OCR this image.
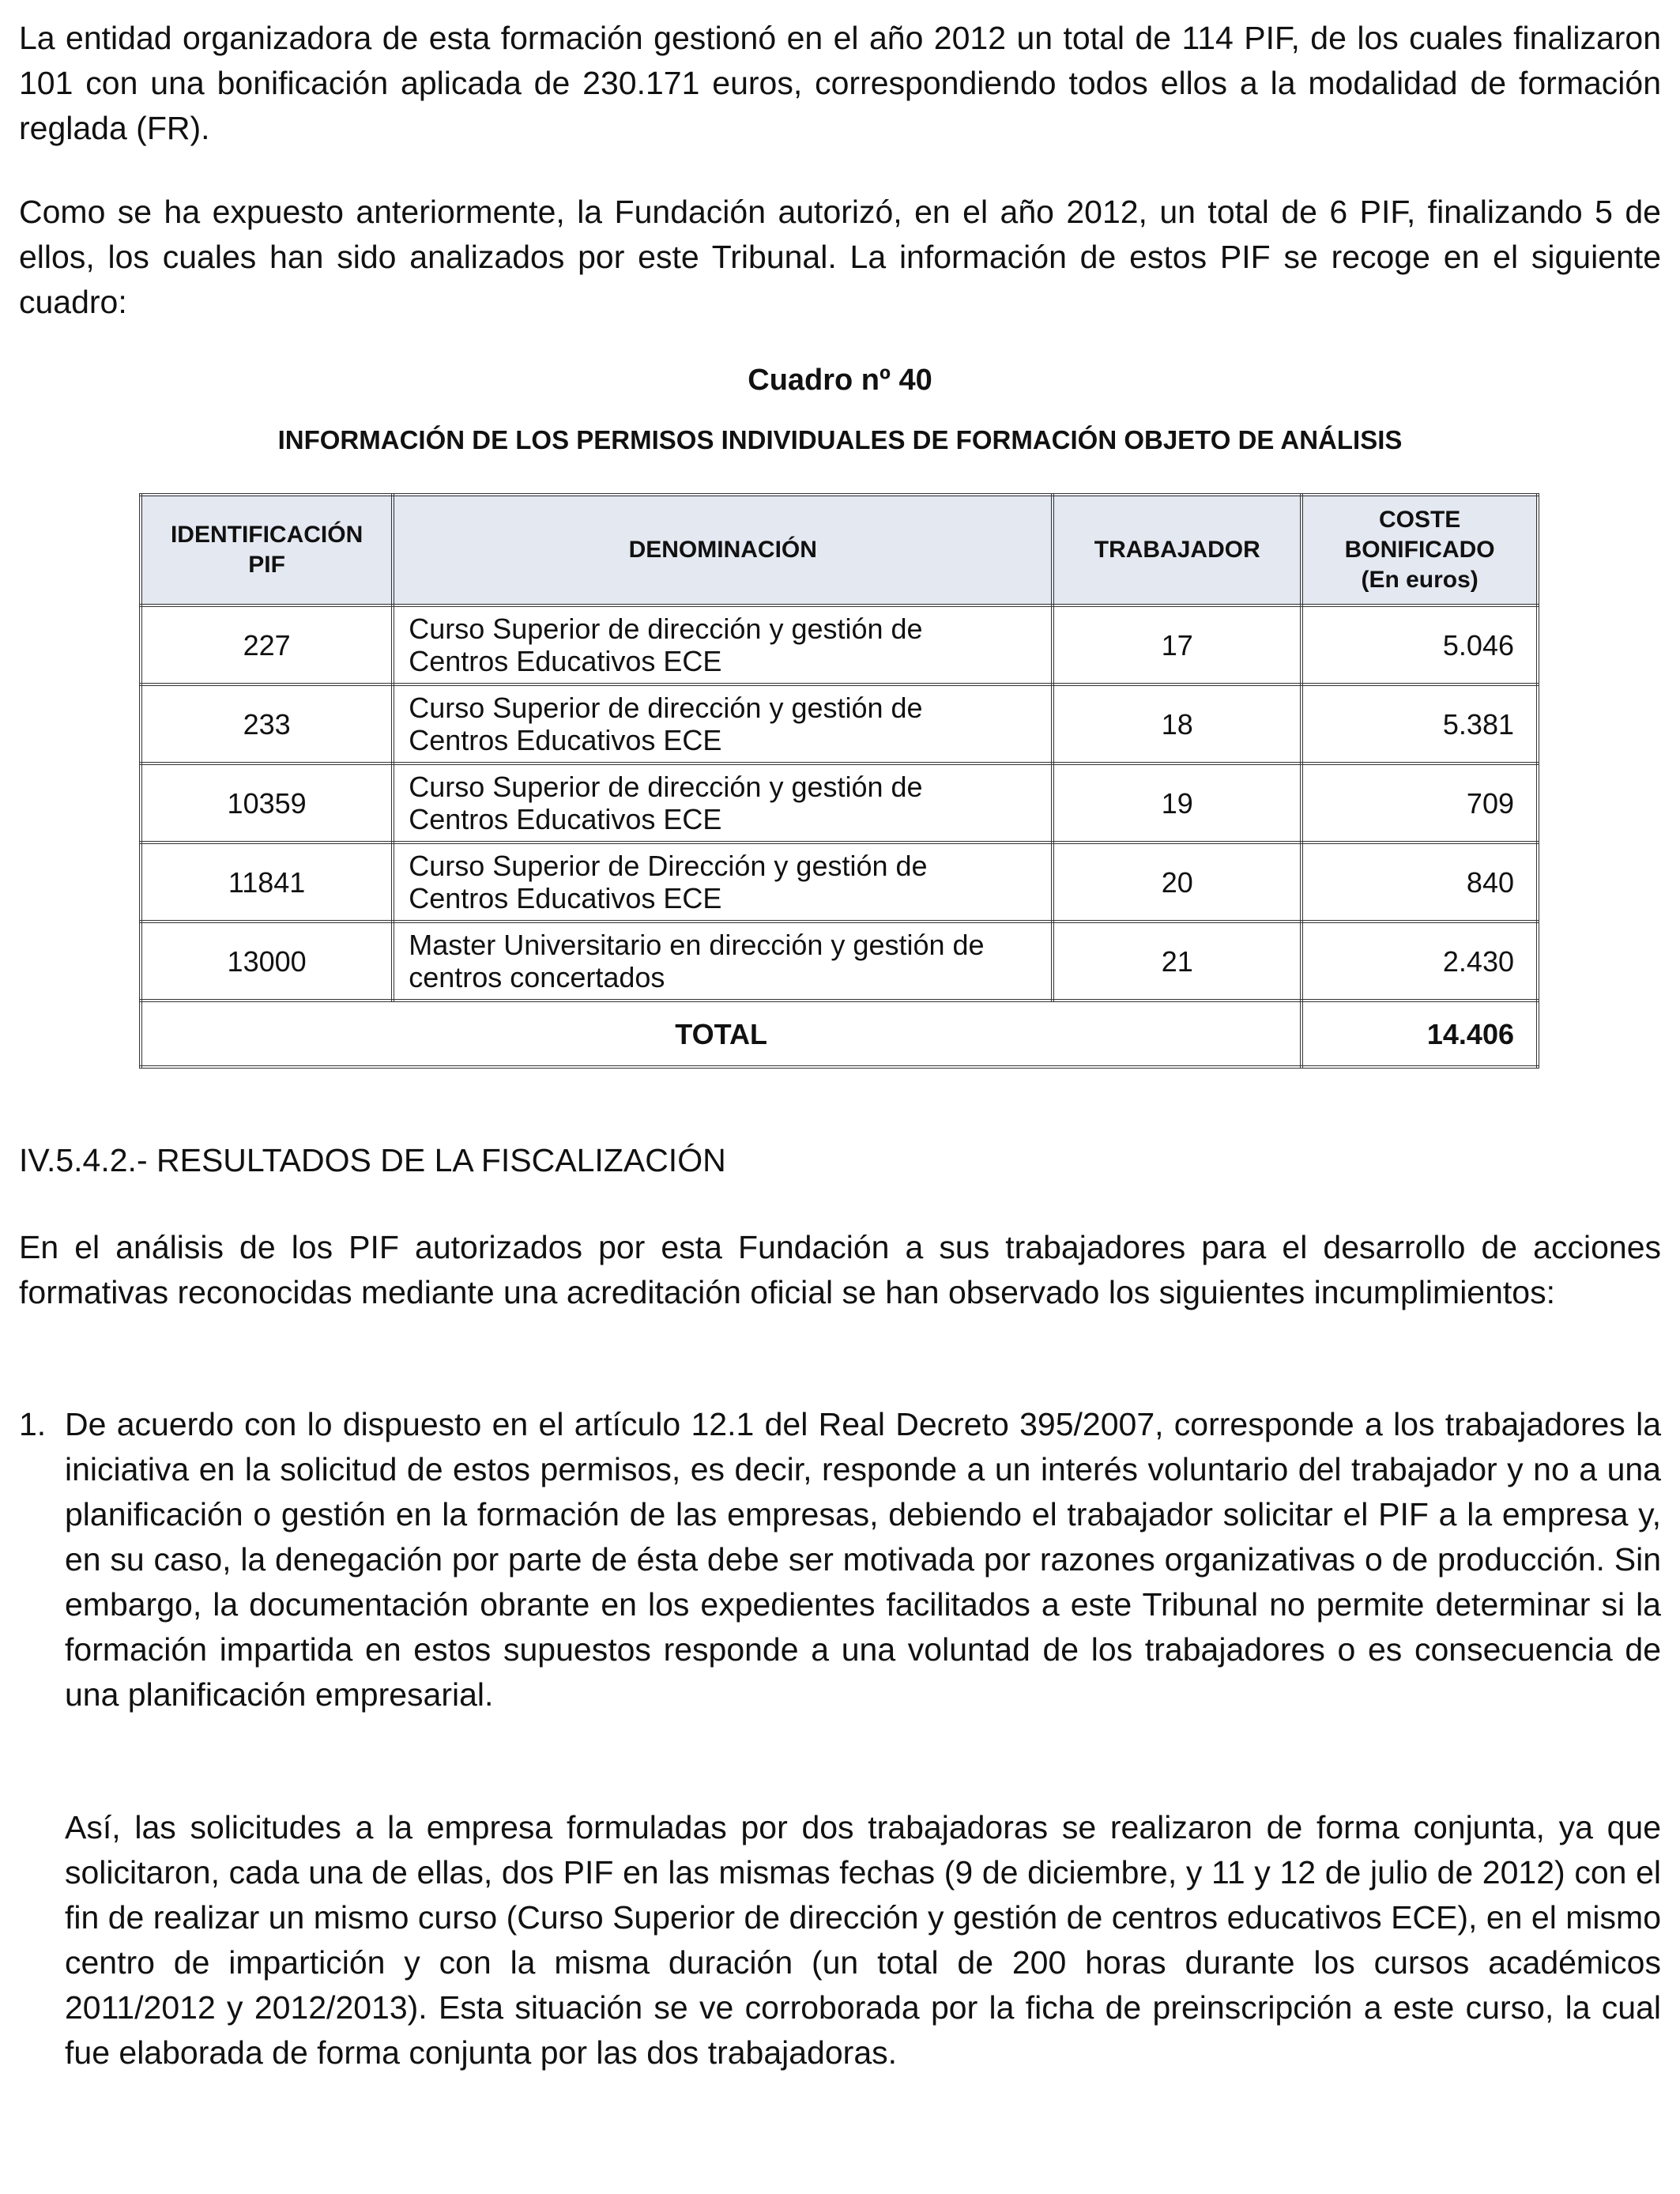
La entidad organizadora de esta formación gestionó en el año 2012 un total de 114 PIF, de los cuales finalizaron 101 con una bonificación aplicada de 230.171 euros, correspondiendo todos ellos a la modalidad de formación reglada (FR).

Como se ha expuesto anteriormente, la Fundación autorizó, en el año 2012, un total de 6 PIF, finalizando 5 de ellos, los cuales han sido analizados por este Tribunal. La información de estos PIF se recoge en el siguiente cuadro:

Cuadro nº 40
INFORMACIÓN DE LOS PERMISOS INDIVIDUALES DE FORMACIÓN OBJETO DE ANÁLISIS
IDENTIFICACIÓN
PIF	DENOMINACIÓN	TRABAJADOR	COSTE
BONIFICADO
(En euros)
227	Curso Superior de dirección y gestión de
Centros Educativos ECE	17	5.046
233	Curso Superior de dirección y gestión de
Centros Educativos ECE	18	5.381
10359	Curso Superior de dirección y gestión de
Centros Educativos ECE	19	709
11841	Curso Superior de Dirección y gestión de
Centros Educativos ECE	20	840
13000	Master Universitario en dirección y gestión de
centros concertados	21	2.430
TOTAL			14.406
IV.5.4.2.- RESULTADOS DE LA FISCALIZACIÓN

En el análisis de los PIF autorizados por esta Fundación a sus trabajadores para el desarrollo de acciones formativas reconocidas mediante una acreditación oficial se han observado los siguientes incumplimientos:

1. De acuerdo con lo dispuesto en el artículo 12.1 del Real Decreto 395/2007, corresponde a los trabajadores la iniciativa en la solicitud de estos permisos, es decir, responde a un interés voluntario del trabajador y no a una planificación o gestión en la formación de las empresas, debiendo el trabajador solicitar el PIF a la empresa y, en su caso, la denegación por parte de ésta debe ser motivada por razones organizativas o de producción. Sin embargo, la documentación obrante en los expedientes facilitados a este Tribunal no permite determinar si la formación impartida en estos supuestos responde a una voluntad de los trabajadores o es consecuencia de una planificación empresarial.

Así, las solicitudes a la empresa formuladas por dos trabajadoras se realizaron de forma conjunta, ya que solicitaron, cada una de ellas, dos PIF en las mismas fechas (9 de diciembre, y 11 y 12 de julio de 2012) con el fin de realizar un mismo curso (Curso Superior de dirección y gestión de centros educativos ECE), en el mismo centro de impartición y con la misma duración (un total de 200 horas durante los cursos académicos 2011/2012 y 2012/2013). Esta situación se ve corroborada por la ficha de preinscripción a este curso, la cual fue elaborada de forma conjunta por las dos trabajadoras.
